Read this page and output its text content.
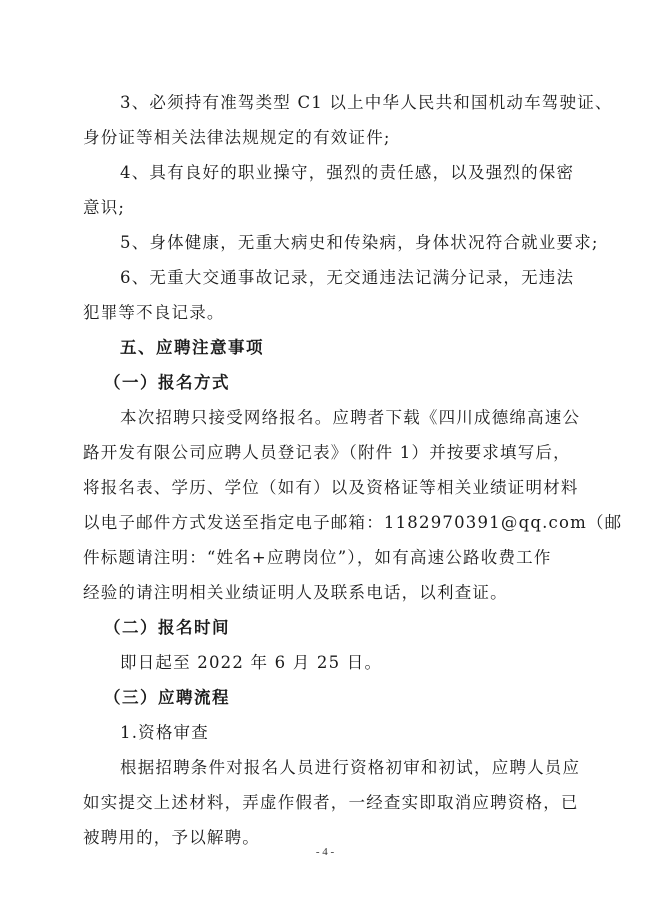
3、必须持有准驾类型 C1 以上中华人民共和国机动车驾驶证、
身份证等相关法律法规规定的有效证件;
4、具有良好的职业操守，强烈的责任感，以及强烈的保密
意识;
5、身体健康，无重大病史和传染病，身体状况符合就业要求;
6、无重大交通事故记录，无交通违法记满分记录，无违法
犯罪等不良记录。
五、应聘注意事项
（一）报名方式
本次招聘只接受网络报名。应聘者下载《四川成德绵高速公
路开发有限公司应聘人员登记表》（附件 1）并按要求填写后，
将报名表、学历、学位（如有）以及资格证等相关业绩证明材料
以电子邮件方式发送至指定电子邮箱：1182970391@qq.com（邮
件标题请注明：“姓名+应聘岗位”），如有高速公路收费工作
经验的请注明相关业绩证明人及联系电话，以利查证。
（二）报名时间
即日起至 2022 年 6 月 25 日。
（三）应聘流程
1.资格审查
根据招聘条件对报名人员进行资格初审和初试，应聘人员应
如实提交上述材料，弄虚作假者，一经查实即取消应聘资格，已
被聘用的，予以解聘。
- 4 -
